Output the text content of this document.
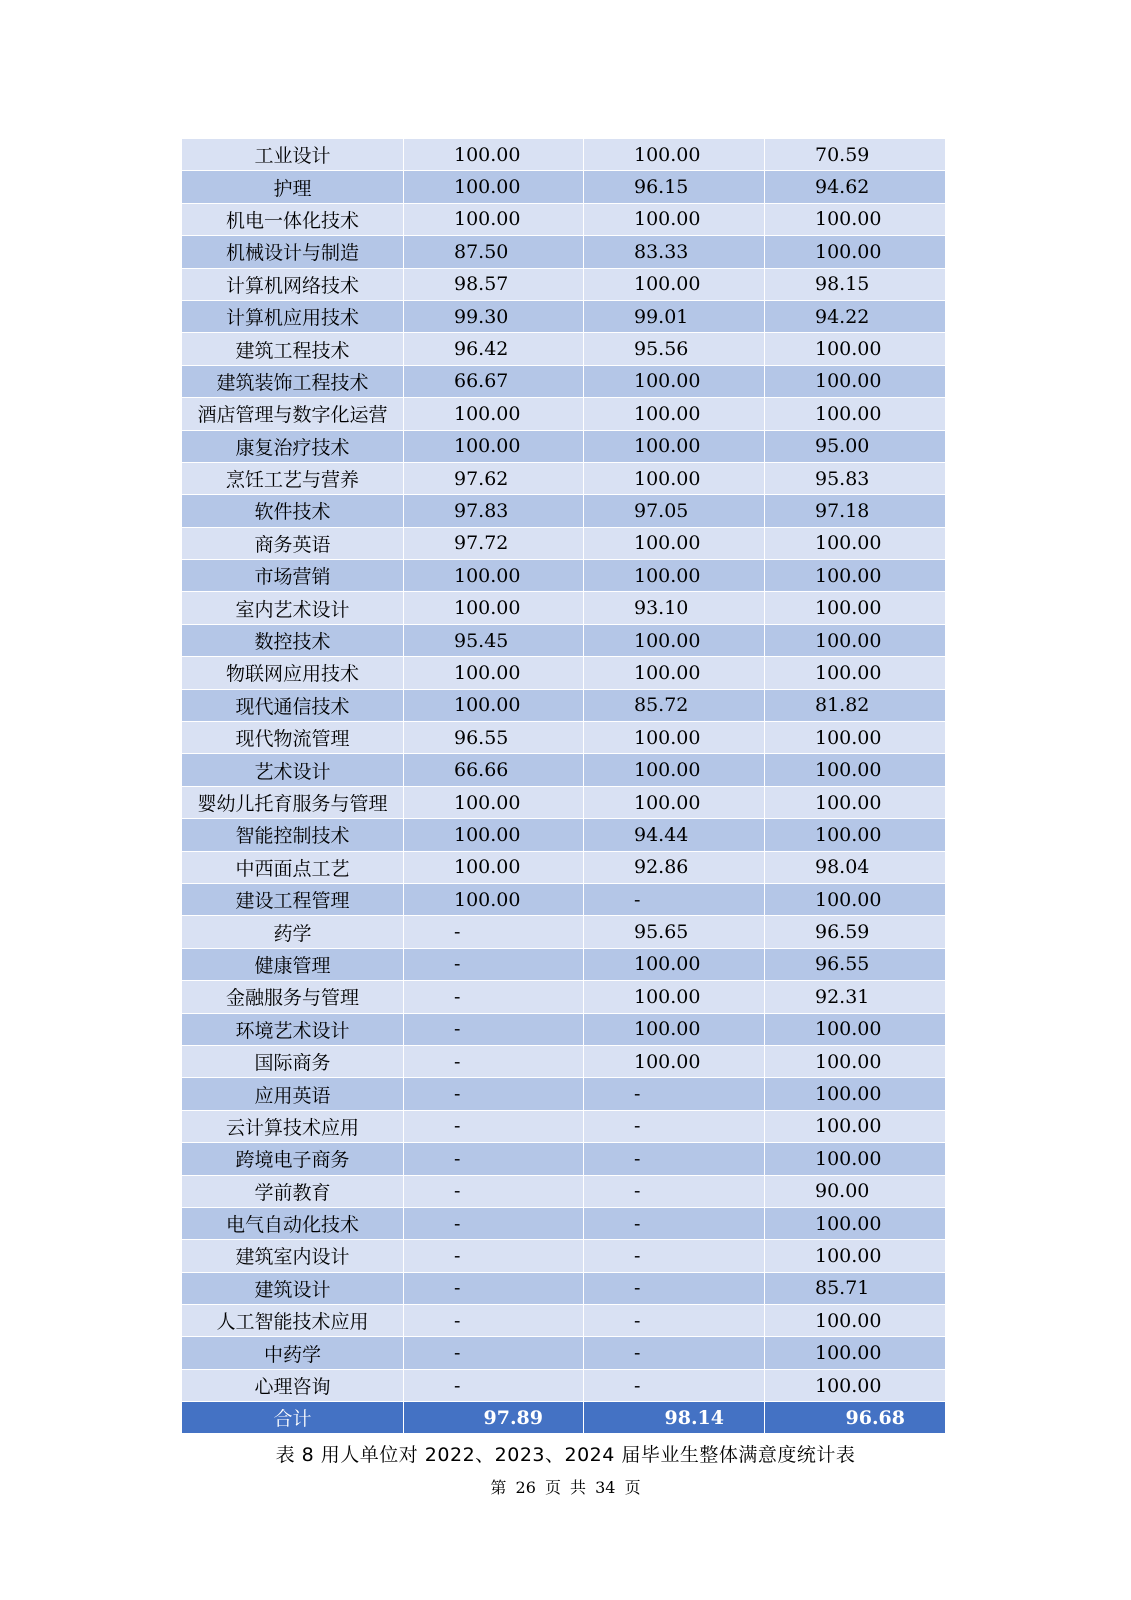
工业设计	100.00	100.00	70.59
护理	100.00	96.15	94.62
机电一体化技术	100.00	100.00	100.00
机械设计与制造	87.50	83.33	100.00
计算机网络技术	98.57	100.00	98.15
计算机应用技术	99.30	99.01	94.22
建筑工程技术	96.42	95.56	100.00
建筑装饰工程技术	66.67	100.00	100.00
酒店管理与数字化运营	100.00	100.00	100.00
康复治疗技术	100.00	100.00	95.00
烹饪工艺与营养	97.62	100.00	95.83
软件技术	97.83	97.05	97.18
商务英语	97.72	100.00	100.00
市场营销	100.00	100.00	100.00
室内艺术设计	100.00	93.10	100.00
数控技术	95.45	100.00	100.00
物联网应用技术	100.00	100.00	100.00
现代通信技术	100.00	85.72	81.82
现代物流管理	96.55	100.00	100.00
艺术设计	66.66	100.00	100.00
婴幼儿托育服务与管理	100.00	100.00	100.00
智能控制技术	100.00	94.44	100.00
中西面点工艺	100.00	92.86	98.04
建设工程管理	100.00	-	100.00
药学	-	95.65	96.59
健康管理	-	100.00	96.55
金融服务与管理	-	100.00	92.31
环境艺术设计	-	100.00	100.00
国际商务	-	100.00	100.00
应用英语	-	-	100.00
云计算技术应用	-	-	100.00
跨境电子商务	-	-	100.00
学前教育	-	-	90.00
电气自动化技术	-	-	100.00
建筑室内设计	-	-	100.00
建筑设计	-	-	85.71
人工智能技术应用	-	-	100.00
中药学	-	-	100.00
心理咨询	-	-	100.00
合计	97.89	98.14	96.68
表 8 用人单位对 2022、2023、2024 届毕业生整体满意度统计表
第 26 页 共 34 页
